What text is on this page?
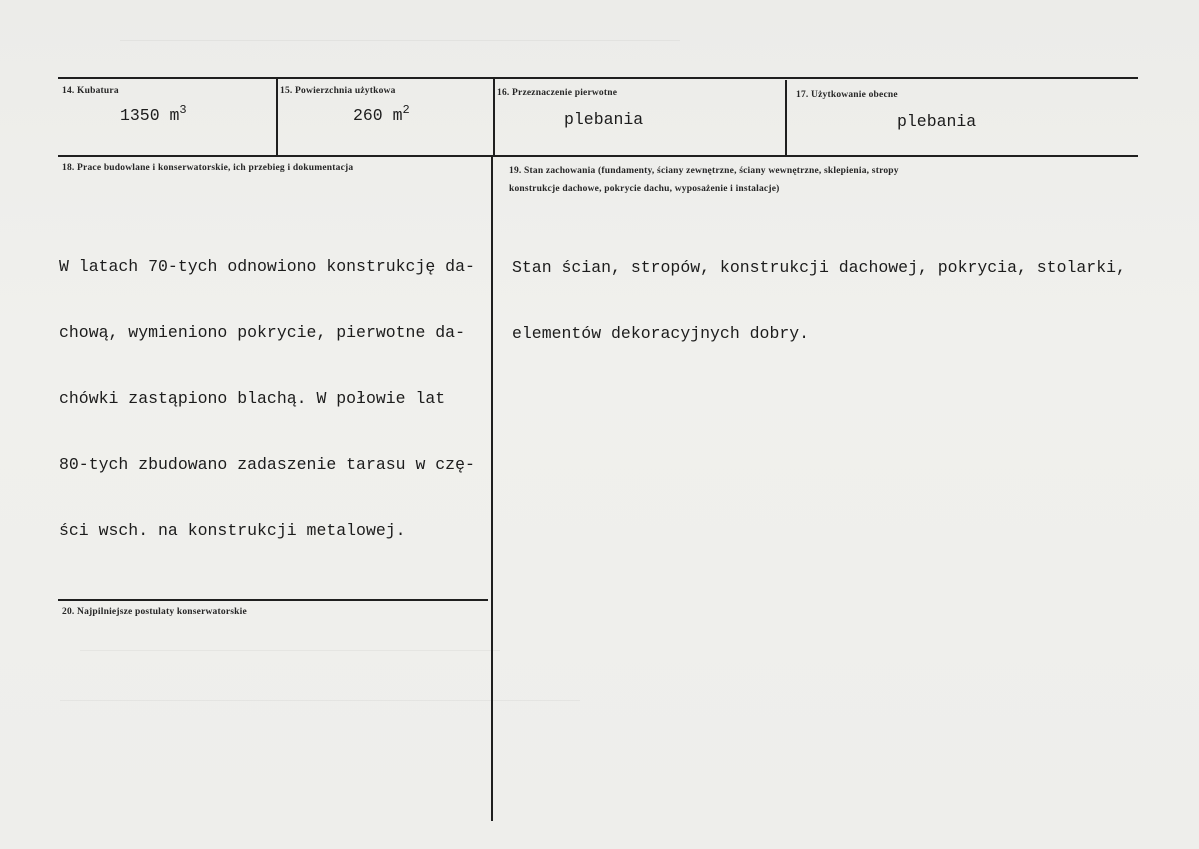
14. Kubatura	15. Powierzchnia użytkowa	16. Przeznaczenie pierwotne	17. Użytkowanie obecne
1350 $m^3$	260 $m^2$	plebania	plebania
18. Prace budowlane i konserwatorskie, ich przebieg i dokumentacja

W latach 70-tych odnowiono konstrukcję da-

chową, wymieniono pokrycie, pierwotne da-

chówki zastąpiono blachą. W połowie lat

80-tych zbudowano zadaszenie tarasu w czę-

ści wsch. na konstrukcji metalowej.

19. Stan zachowania (fundamenty, ściany zewnętrzne, ściany wewnętrzne, sklepienia, stropy
konstrukcje dachowe, pokrycie dachu, wyposażenie i instalacje)

Stan ścian, stropów, konstrukcji dachowej, pokrycia, stolarki,

elementów dekoracyjnych dobry.

20. Najpilniejsze postulaty konserwatorskie
